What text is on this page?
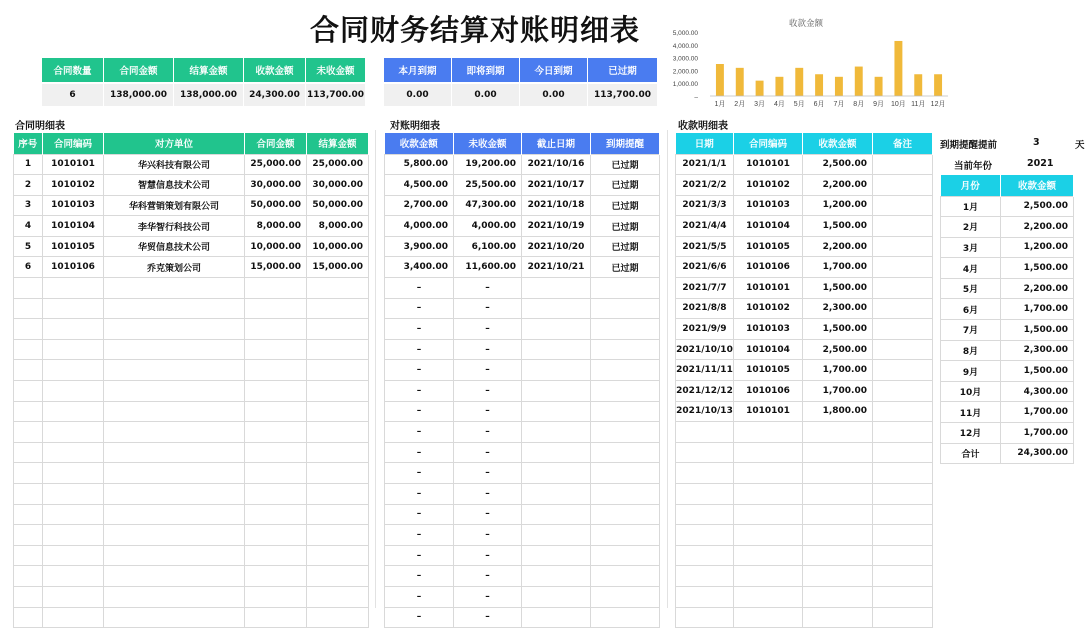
合同财务结算对账明细表
合同数量	合同金额	结算金额	收款金额	未收金额
6	138,000.00	138,000.00	24,300.00 113,700.00
本月到期	即将到期	今日到期	已过期
0.00	0.00	0.00	113,700.00
收款金额
5,000.00
4,000.00
3,000.00
2,000.00
1,000.00
–
1月 2月 3月 4月 5月 6月 7月 8月 9月 10月 11月 12月
合同明细表	对账明细表	收款明细表
序号	合同编码	对方单位	合同金额	结算金额
1	1010101	华兴科技有限公司	25,000.00	25,000.00
2	1010102	智慧信息技术公司	30,000.00	30,000.00
3	1010103	华科营销策划有限公司	50,000.00	50,000.00
4	1010104	李华智行科技公司	8,000.00	8,000.00
5	1010105	华贸信息技术公司	10,000.00	10,000.00
6	1010106	乔克策划公司	15,000.00	15,000.00

收款金额	未收金额	截止日期	到期提醒
5,800.00	19,200.00	2021/10/16	已过期
4,500.00	25,500.00	2021/10/17	已过期
2,700.00	47,300.00	2021/10/18	已过期
4,000.00	4,000.00	2021/10/19	已过期
3,900.00	6,100.00	2021/10/20	已过期
3,400.00	11,600.00	2021/10/21	已过期
–	–		
–	–		
–	–		
–	–		
–	–		
–	–		
–	–		
–	–		
–	–		
–	–		
–	–		
–	–		
–	–		
–	–		
–	–		
–	–		
–	–		
日期	合同编码	收款金额	备注
2021/1/1	1010101	2,500.00	
2021/2/2	1010102	2,200.00	
2021/3/3	1010103	1,200.00	
2021/4/4	1010104	1,500.00	
2021/5/5	1010105	2,200.00	
2021/6/6	1010106	1,700.00	
2021/7/7	1010101	1,500.00	
2021/8/8	1010102	2,300.00	
2021/9/9	1010103	1,500.00	
2021/10/10	1010104	2,500.00	
2021/11/11	1010105	1,700.00	
2021/12/12	1010106	1,700.00	
2021/10/13	1010101	1,800.00	

到期提醒提前	3	天
当前年份	2021
月份	收款金额
1月	2,500.00
2月	2,200.00
3月	1,200.00
4月	1,500.00
5月	2,200.00
6月	1,700.00
7月	1,500.00
8月	2,300.00
9月	1,500.00
10月	4,300.00
11月	1,700.00
12月	1,700.00
合计	24,300.00
